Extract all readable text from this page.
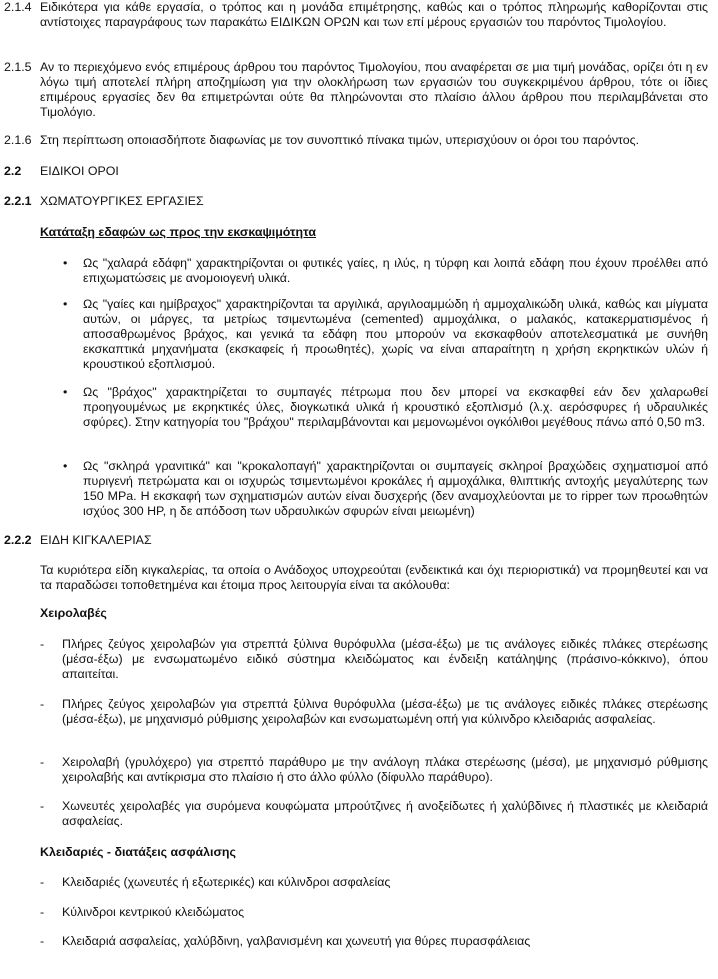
2.1.4 Ειδικότερα για κάθε εργασία, ο τρόπος και η μονάδα επιμέτρησης, καθώς και ο τρόπος πληρωμής καθορίζονται στις αντίστοιχες παραγράφους των παρακάτω ΕΙΔΙΚΩΝ ΟΡΩΝ και των επί μέρους εργασιών του παρόντος Τιμολογίου.
2.1.5 Αν το περιεχόμενο ενός επιμέρους άρθρου του παρόντος Τιμολογίου, που αναφέρεται σε μια τιμή μονάδας, ορίζει ότι η εν λόγω τιμή αποτελεί πλήρη αποζημίωση για την ολοκλήρωση των εργασιών του συγκεκριμένου άρθρου, τότε οι ίδιες επιμέρους εργασίες δεν θα επιμετρώνται ούτε θα πληρώνονται στο πλαίσιο άλλου άρθρου που περιλαμβάνεται στο Τιμολόγιο.
2.1.6 Στη περίπτωση οποιασδήποτε διαφωνίας με τον συνοπτικό πίνακα τιμών, υπερισχύουν οι όροι του παρόντος.
2.2 ΕΙΔΙΚΟΙ ΟΡΟΙ
2.2.1 ΧΩΜΑΤΟΥΡΓΙΚΕΣ ΕΡΓΑΣΙΕΣ
Κατάταξη εδαφών ως προς την εκσκαψιμότητα
• Ως "χαλαρά εδάφη" χαρακτηρίζονται οι φυτικές γαίες, η ιλύς, η τύρφη και λοιπά εδάφη που έχουν προέλθει από επιχωματώσεις με ανομοιογενή υλικά.
• Ως "γαίες και ημίβραχος" χαρακτηρίζονται τα αργιλικά, αργιλοαμμώδη ή αμμοχαλικώδη υλικά, καθώς και μίγματα αυτών, οι μάργες, τα μετρίως τσιμεντωμένα (cemented) αμμοχάλικα, ο μαλακός, κατακερματισμένος ή αποσαθρωμένος βράχος, και γενικά τα εδάφη που μπορούν να εκσκαφθούν αποτελεσματικά με συνήθη εκσκαπτικά μηχανήματα (εκσκαφείς ή προωθητές), χωρίς να είναι απαραίτητη η χρήση εκρηκτικών υλών ή κρουστικού εξοπλισμού.
• Ως "βράχος" χαρακτηρίζεται το συμπαγές πέτρωμα που δεν μπορεί να εκσκαφθεί εάν δεν χαλαρωθεί προηγουμένως με εκρηκτικές ύλες, διογκωτικά υλικά ή κρουστικό εξοπλισμό (λ.χ. αερόσφυρες ή υδραυλικές σφύρες). Στην κατηγορία του "βράχου" περιλαμβάνονται και μεμονωμένοι ογκόλιθοι μεγέθους πάνω από 0,50 m3.
• Ως "σκληρά γρανιτικά" και "κροκαλοπαγή" χαρακτηρίζονται οι συμπαγείς σκληροί βραχώδεις σχηματισμοί από πυριγενή πετρώματα και οι ισχυρώς τσιμεντωμένοι κροκάλες ή αμμοχάλικα, θλιπτικής αντοχής μεγαλύτερης των 150 MPa. Η εκσκαφή των σχηματισμών αυτών είναι δυσχερής (δεν αναμοχλεύονται με το ripper των προωθητών ισχύος 300 HP, η δε απόδοση των υδραυλικών σφυρών είναι μειωμένη)
2.2.2 ΕΙΔΗ ΚΙΓΚΑΛΕΡΙΑΣ
Τα κυριότερα είδη κιγκαλερίας, τα οποία ο Ανάδοχος υποχρεούται (ενδεικτικά και όχι περιοριστικά) να προμηθευτεί και να τα παραδώσει τοποθετημένα και έτοιμα προς λειτουργία είναι τα ακόλουθα:
Χειρολαβές
- Πλήρες ζεύγος χειρολαβών για στρεπτά ξύλινα θυρόφυλλα (μέσα-έξω) με τις ανάλογες ειδικές πλάκες στερέωσης (μέσα-έξω) με ενσωματωμένο ειδικό σύστημα κλειδώματος και ένδειξη κατάληψης (πράσινο-κόκκινο), όπου απαιτείται.
- Πλήρες ζεύγος χειρολαβών για στρεπτά ξύλινα θυρόφυλλα (μέσα-έξω) με τις ανάλογες ειδικές πλάκες στερέωσης (μέσα-έξω), με μηχανισμό ρύθμισης χειρολαβών και ενσωματωμένη οπή για κύλινδρο κλειδαριάς ασφαλείας.
- Χειρολαβή (γρυλόχερο) για στρεπτό παράθυρο με την ανάλογη πλάκα στερέωσης (μέσα), με μηχανισμό ρύθμισης χειρολαβής και αντίκρισμα στο πλαίσιο ή στο άλλο φύλλο (δίφυλλο παράθυρο).
- Χωνευτές χειρολαβές για συρόμενα κουφώματα μπρούτζινες ή ανοξείδωτες ή χαλύβδινες ή πλαστικές με κλειδαριά ασφαλείας.
Κλειδαριές - διατάξεις ασφάλισης
- Κλειδαριές (χωνευτές ή εξωτερικές) και κύλινδροι ασφαλείας
- Κύλινδροι κεντρικού κλειδώματος
- Κλειδαριά ασφαλείας, χαλύβδινη, γαλβανισμένη και χωνευτή για θύρες πυρασφάλειας
